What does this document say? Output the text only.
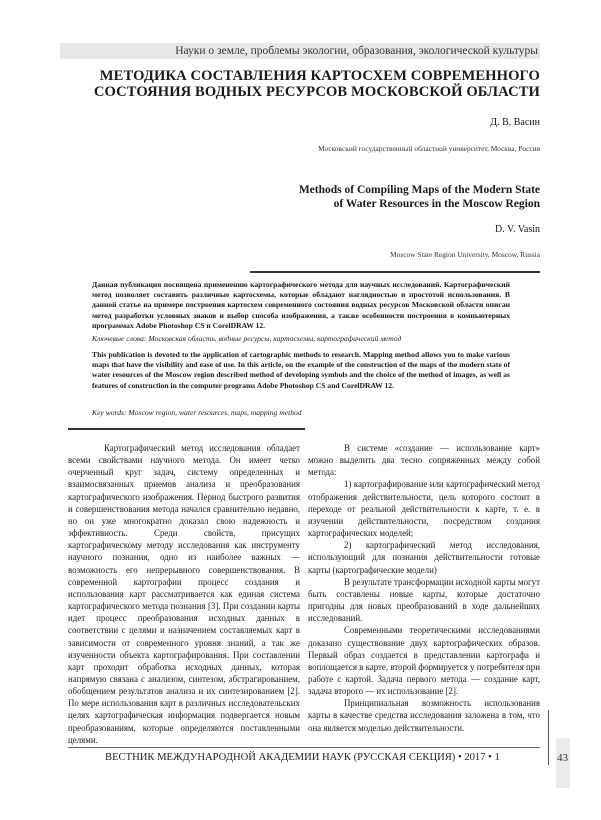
Науки о земле, проблемы экологии, образования, экологической культуры
МЕТОДИКА СОСТАВЛЕНИЯ КАРТОСХЕМ СОВРЕМЕННОГО
СОСТОЯНИЯ ВОДНЫХ РЕСУРСОВ МОСКОВСКОЙ ОБЛАСТИ
Д. В. Васин
Московский государственный областной университет, Москва, Россия
Methods of Compiling Maps of the Modern State
of Water Resources in the Moscow Region
D. V. Vasin
Moscow State Region University, Moscow, Russia
Данная публикация посвящена применению картографического метода для научных исследований. Картографический метод позволяет составить различные картосхемы, которые обладают наглядностью и простотой использования. В данной статье на примере построения картосхем современного состояния водных ресурсов Московской области описан метод разработки условных знаков и выбор способа изображения, а также особенности построения в компьютерных программах Adobe Photoshop CS и CorelDRAW 12.
Ключевые слова: Московская область, водные ресурсы, картосхемы, картографический метод
This publication is devoted to the application of cartographic methods to research. Mapping method allows you to make various maps that have the visibility and ease of use. In this article, on the example of the construction of the maps of the modern state of water resources of the Moscow region described method of developing symbols and the choice of the method of images, as well as features of construction in the computer programs Adobe Photoshop CS and CorelDRAW 12.
Key words: Moscow region, water resources, maps, mapping method

Картографический метод исследования обладает всеми свойствами научного метода. Он имеет четко очерченный круг задач, систему определенных и взаимосвязанных приемов анализа и преобразования картографического изображения. Период быстрого развития и совершенствования метода начался сравнительно недавно, но он уже многократно доказал свою надежность и эффективность. Среди свойств, присущих картографическому методу исследования как инструменту научного познания, одно из наиболее важных — возможность его непрерывного совершенствования. В современной картографии процесс создания и использования карт рассматривается как единая система картографического метода познания [3]. При создании карты идет процесс преобразования исходных данных в соответствии с целями и назначением составляемых карт в зависимости от современного уровня знаний, а так же изученности объекта картографирования. При составлении карт проходит обработка исходных данных, которая напрямую связана с анализом, синтезом, абстрагированием, обобщением результатов анализа и их синтезированием [2]. По мере использования карт в различных исследовательских целях картографическая информация подвергается новым преобразованиям, которые определяются поставленными целями.

В системе «создание — использование карт» можно выделить два тесно сопряженных между собой метода:

1) картографирование или картографический метод отображения действительности, цель которого состоит в переходе от реальной действительности к карте, т. е. в изучении действительности, посредством создания картографических моделей;

2) картографический метод исследования, использующий для познания действительности готовые карты (картографические модели)

В результате трансформации исходной карты могут быть составлены новые карты, которые достаточно пригодны для новых преобразований в ходе дальнейших исследований.

Современными теоретическими исследованиями доказано существование двух картографических образов. Первый образ создается в представлении картографа и воплощается в карте, второй формируется у потребителя при работе с картой. Задача первого метода — создание карт, задача второго — их использование [2].

Принципиальная возможность использования карты в качестве средства исследования заложена в том, что она является моделью действительности.

ВЕСТНИК МЕЖДУНАРОДНОЙ АКАДЕМИИ НАУК (РУССКАЯ СЕКЦИЯ) • 2017 • 1	43
